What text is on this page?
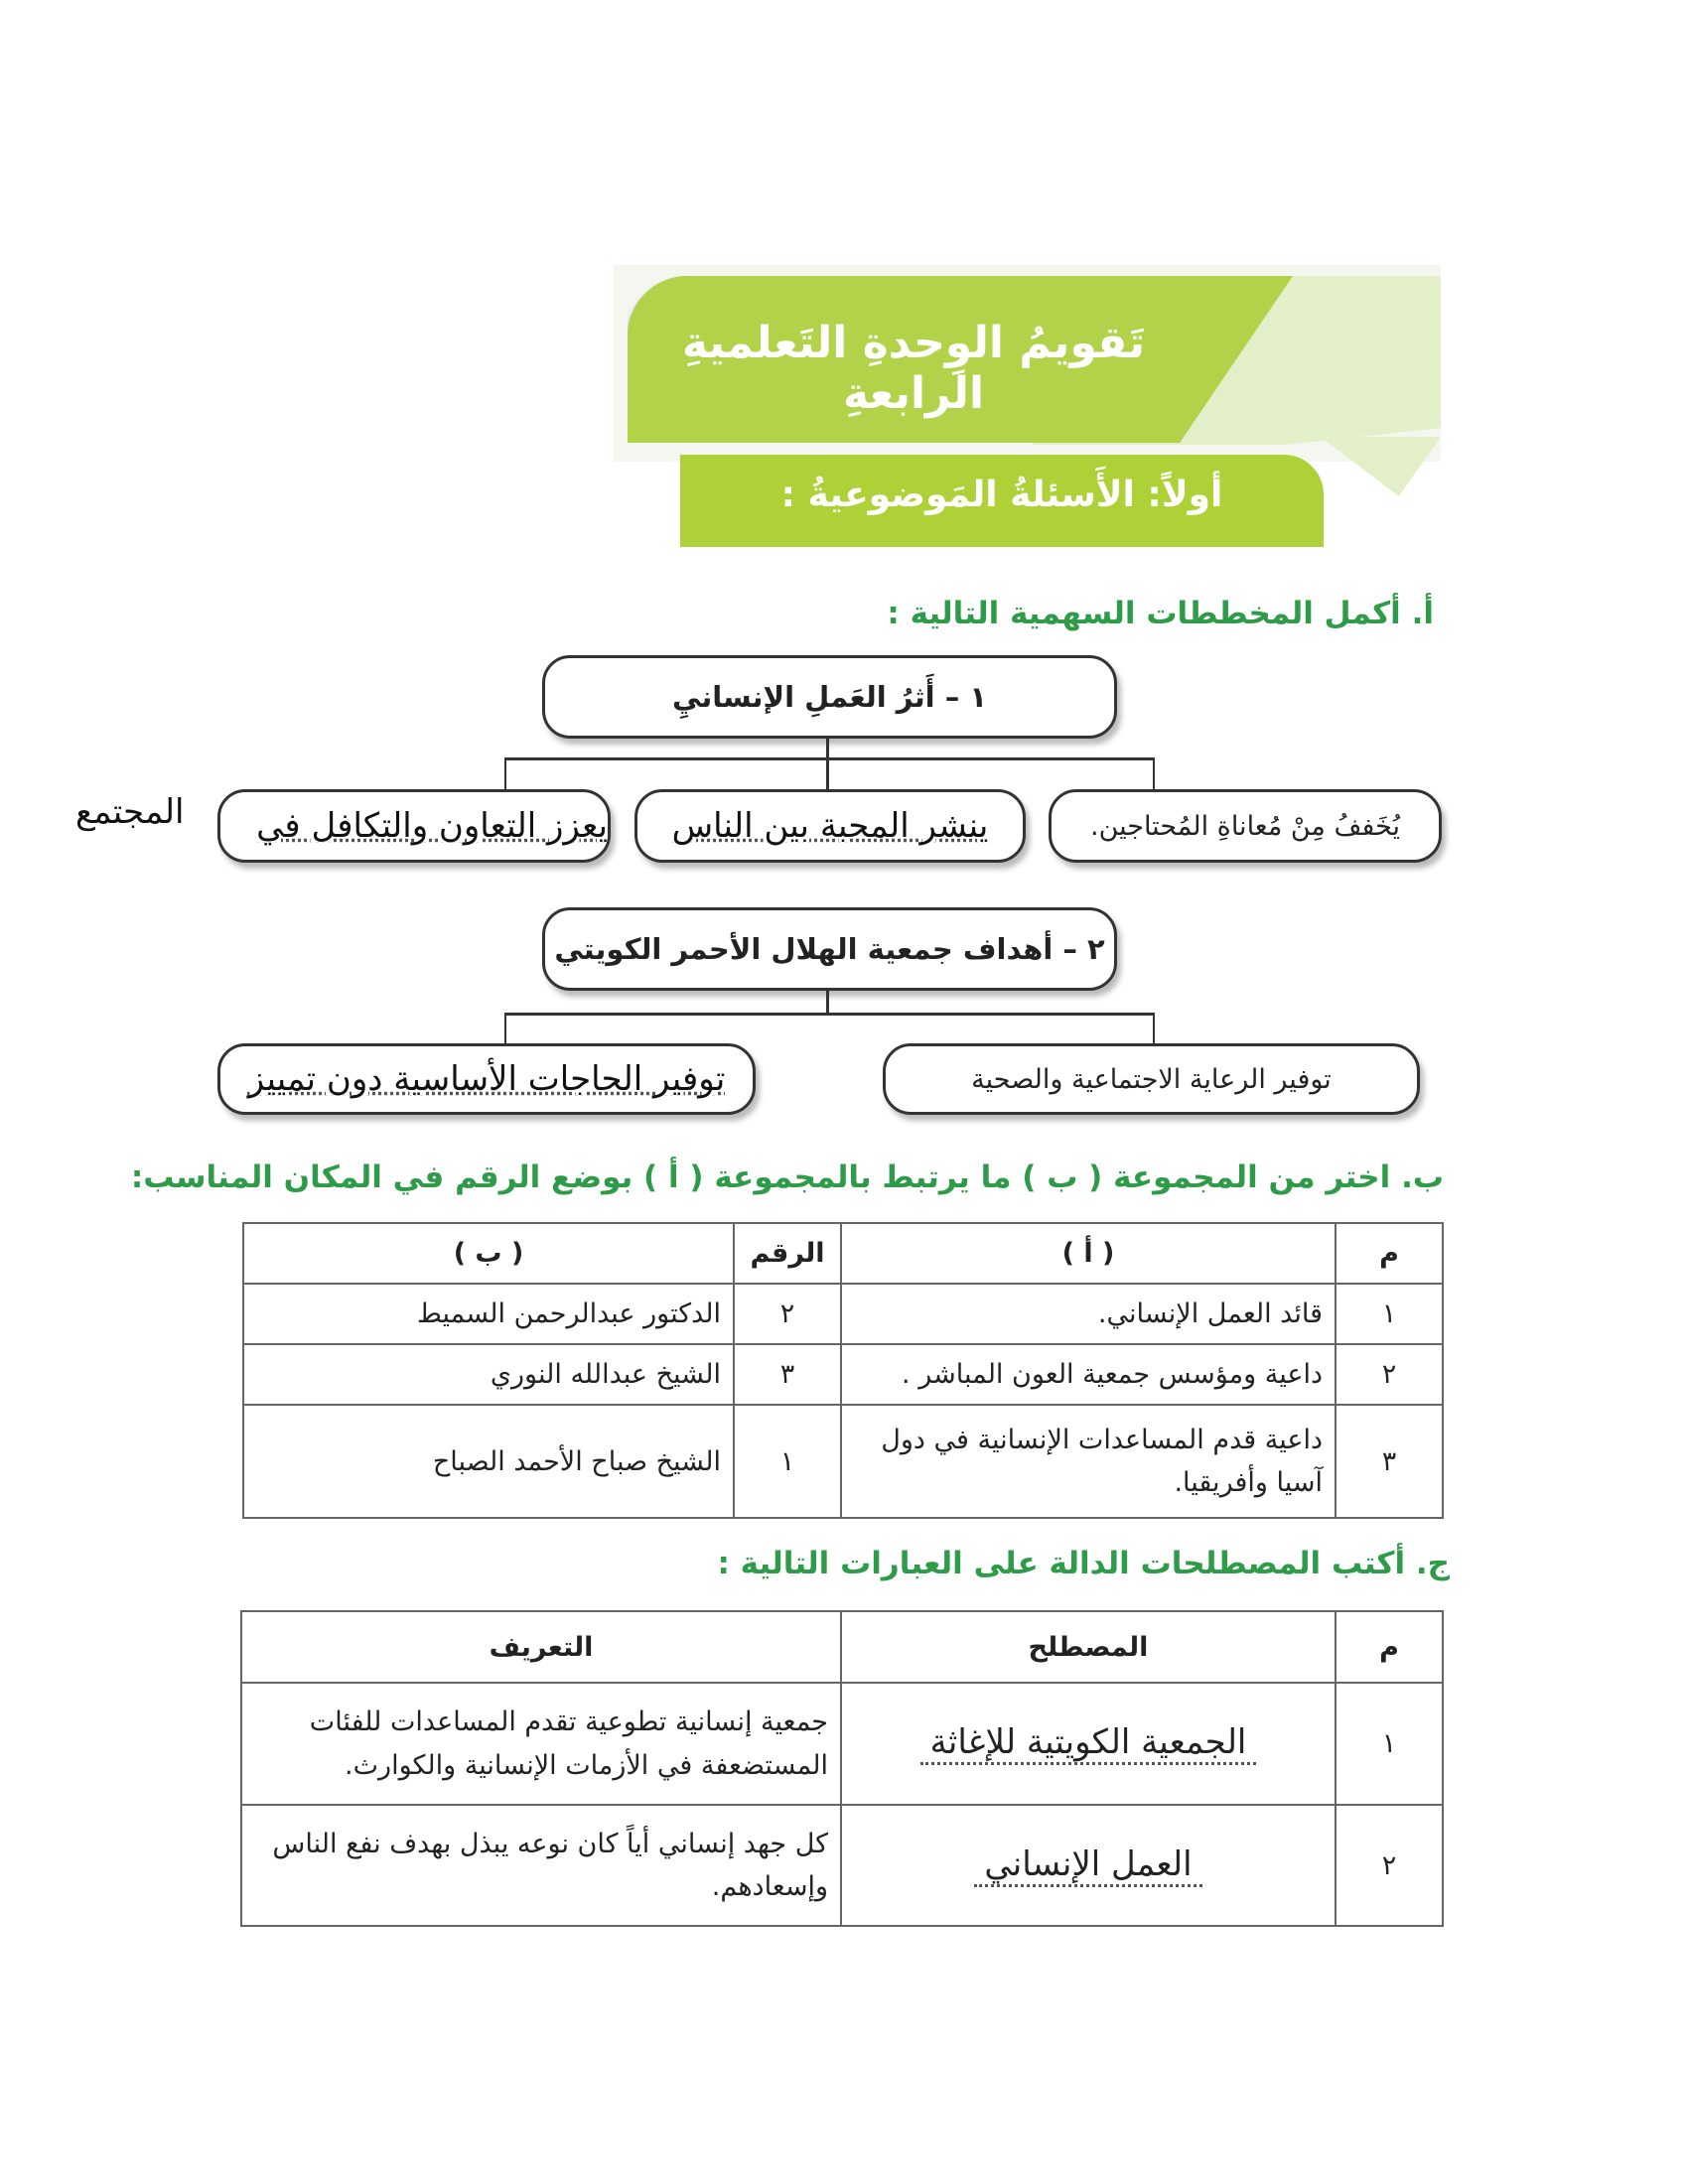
تَقويمُ الوِحدةِ التَعلميةِ الرابعةِ
أولاً: الأَسئلةُ المَوضوعيةُ :
أ. أكمل المخططات السهمية التالية :
١ – أَثرُ العَملِ الإنسانيِ
يُخَففُ مِنْ مُعاناةِ المُحتاجين.
ينشر المحبة بين الناس
يعزز التعاون والتكافل في
المجتمع
٢ – أهداف جمعية الهلال الأحمر الكويتي
توفير الرعاية الاجتماعية والصحية
توفير الحاجات الأساسية دون تمييز
ب. اختر من المجموعة ( ب ) ما يرتبط بالمجموعة ( أ ) بوضع الرقم في المكان المناسب:
م	( أ )	الرقم	( ب )
١	قائد العمل الإنساني.	٢	الدكتور عبدالرحمن السميط
٢	داعية ومؤسس جمعية العون المباشر .	٣	الشيخ عبدالله النوري
٣	داعية قدم المساعدات الإنسانية في دول آسيا وأفريقيا.	١	الشيخ صباح الأحمد الصباح
ج. أكتب المصطلحات الدالة على العبارات التالية :
م	المصطلح	التعريف
١	الجمعية الكويتية للإغاثة	جمعية إنسانية تطوعية تقدم المساعدات للفئات المستضعفة في الأزمات الإنسانية والكوارث.
٢	العمل الإنساني	كل جهد إنساني أياً كان نوعه يبذل بهدف نفع الناس وإسعادهم.
